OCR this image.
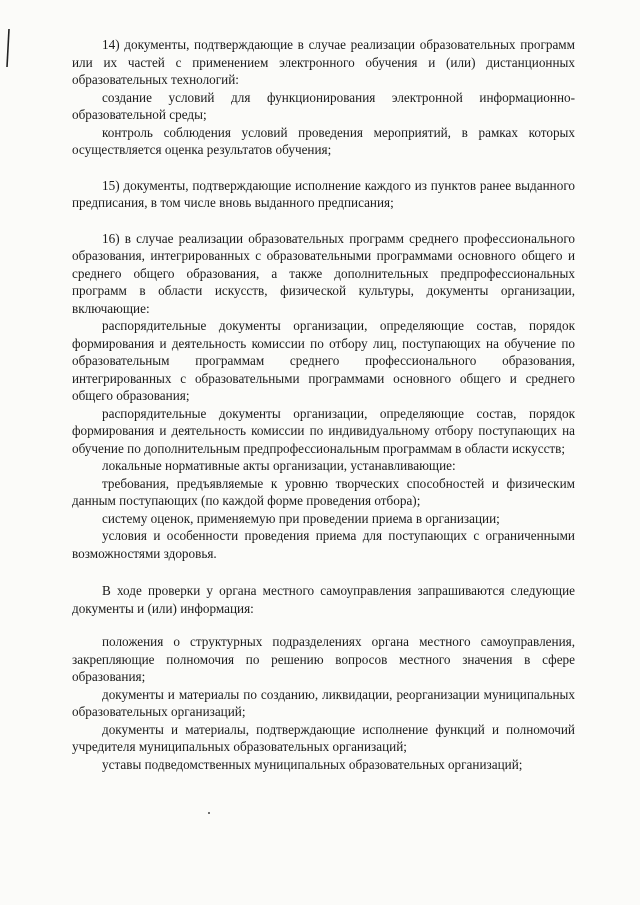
14) документы, подтверждающие в случае реализации образовательных программ или их частей с применением электронного обучения и (или) дистанционных образовательных технологий:

создание условий для функционирования электронной информационно-образовательной среды;

контроль соблюдения условий проведения мероприятий, в рамках которых осуществляется оценка результатов обучения;

15) документы, подтверждающие исполнение каждого из пунктов ранее выданного предписания, в том числе вновь выданного предписания;

16) в случае реализации образовательных программ среднего профессионального образования, интегрированных с образовательными программами основного общего и среднего общего образования, а также дополнительных предпрофессиональных программ в области искусств, физической культуры, документы организации, включающие:

распорядительные документы организации, определяющие состав, порядок формирования и деятельность комиссии по отбору лиц, поступающих на обучение по образовательным программам среднего профессионального образования, интегрированных с образовательными программами основного общего и среднего общего образования;

распорядительные документы организации, определяющие состав, порядок формирования и деятельность комиссии по индивидуальному отбору поступающих на обучение по дополнительным предпрофессиональным программам в области искусств;

локальные нормативные акты организации, устанавливающие:

требования, предъявляемые к уровню творческих способностей и физическим данным поступающих (по каждой форме проведения отбора);

систему оценок, применяемую при проведении приема в организации;

условия и особенности проведения приема для поступающих с ограниченными возможностями здоровья.

В ходе проверки у органа местного самоуправления запрашиваются следующие документы и (или) информация:

положения о структурных подразделениях органа местного самоуправления, закрепляющие полномочия по решению вопросов местного значения в сфере образования;

документы и материалы по созданию, ликвидации, реорганизации муниципальных образовательных организаций;

документы и материалы, подтверждающие исполнение функций и полномочий учредителя муниципальных образовательных организаций;

уставы подведомственных муниципальных образовательных организаций;
